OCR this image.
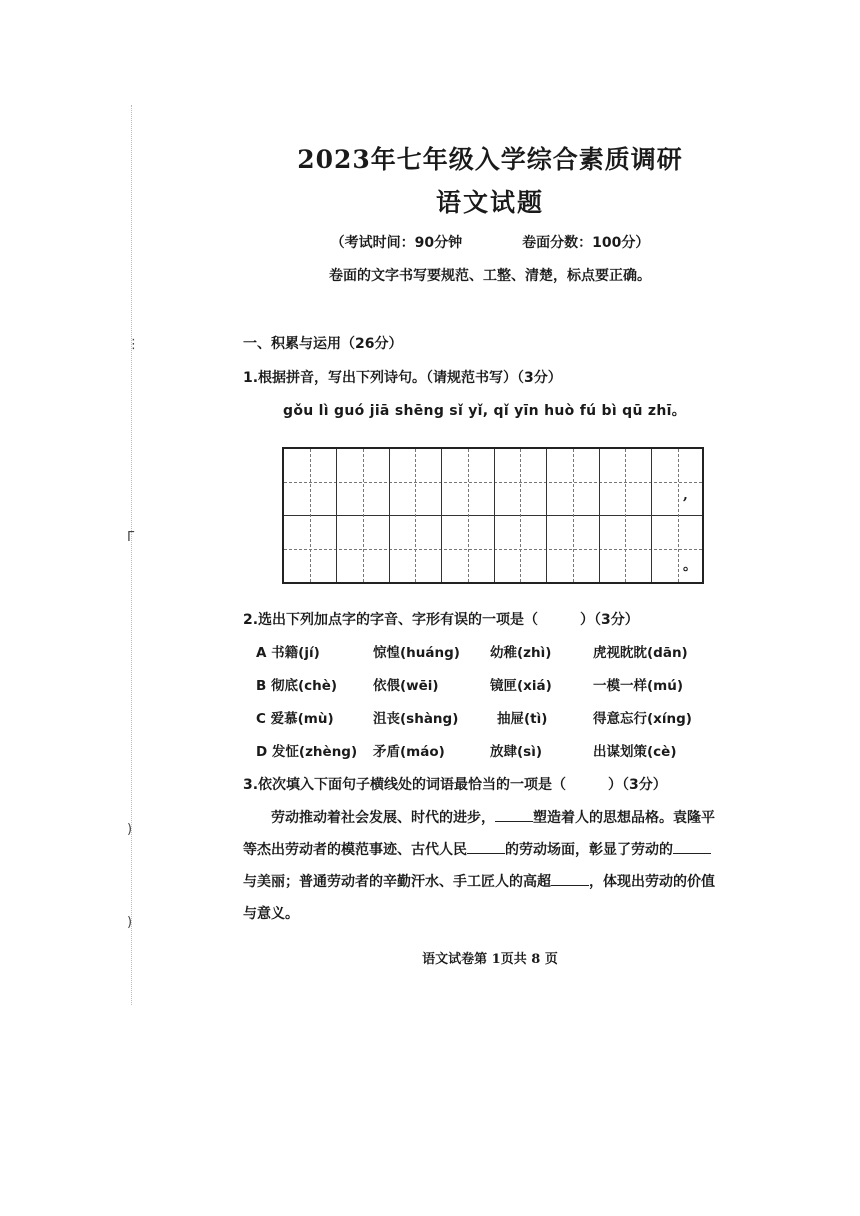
⋮
Γ
)
)
2023年七年级入学综合素质调研
语文试题
（考试时间：90分钟	卷面分数：100分）
卷面的文字书写要规范、工整、清楚，标点要正确。
一、积累与运用（26分）
1.根据拼音，写出下列诗句。（请规范书写）（3分）
gǒu lì guó jiā shēng sǐ yǐ, qǐ yīn huò fú bì qū zhī。
,
。
2.选出下列加点字的字音、字形有误的一项是（　　　）（3分）
A 书籍(jí)	惊惶(huáng) 幼稚(zhì)	虎视眈眈(dān)
B 彻底(chè)	依偎(wēi)	镜匣(xiá)	一模一样(mú)
C 爱慕(mù)	沮丧(shàng)	抽屉(tì)	得意忘行(xíng)
D 发怔(zhèng) 矛盾(máo)	放肆(sì)	出谋划策(cè)
3.依次填入下面句子横线处的词语最恰当的一项是（　　　）（3分）
劳动推动着社会发展、时代的进步，	塑造着人的思想品格。袁隆平等杰出劳动者的模范事迹、古代人民	的劳动场面，彰显了劳动的与美丽；普通劳动者的辛勤汗水、手工匠人的高超	，体现出劳动的价值与意义。
语文试卷第 1页共 8 页
